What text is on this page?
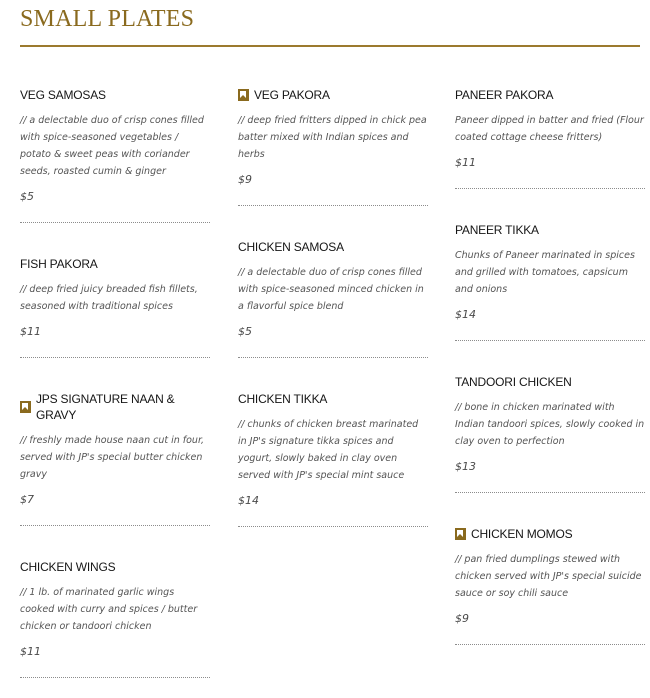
SMALL PLATES
VEG SAMOSAS

// a delectable duo of crisp cones filled with spice-seasoned vegetables / potato & sweet peas with coriander seeds, roasted cumin & ginger

$5
FISH PAKORA

// deep fried juicy breaded fish fillets, seasoned with traditional spices

$11
JPS SIGNATURE NAAN & GRAVY

// freshly made house naan cut in four, served with JP's special butter chicken gravy

$7
CHICKEN WINGS

// 1 lb. of marinated garlic wings cooked with curry and spices / butter chicken or tandoori chicken

$11
VEG PAKORA

// deep fried fritters dipped in chick pea batter mixed with Indian spices and herbs

$9
CHICKEN SAMOSA

// a delectable duo of crisp cones filled with spice-seasoned minced chicken in a flavorful spice blend

$5
CHICKEN TIKKA

// chunks of chicken breast marinated in JP's signature tikka spices and yogurt, slowly baked in clay oven served with JP's special mint sauce

$14
PANEER PAKORA

Paneer dipped in batter and fried (Flour coated cottage cheese fritters)

$11
PANEER TIKKA

Chunks of Paneer marinated in spices and grilled with tomatoes, capsicum and onions

$14
TANDOORI CHICKEN

// bone in chicken marinated with Indian tandoori spices, slowly cooked in clay oven to perfection

$13
CHICKEN MOMOS

// pan fried dumplings stewed with chicken served with JP's special suicide sauce or soy chili sauce

$9
